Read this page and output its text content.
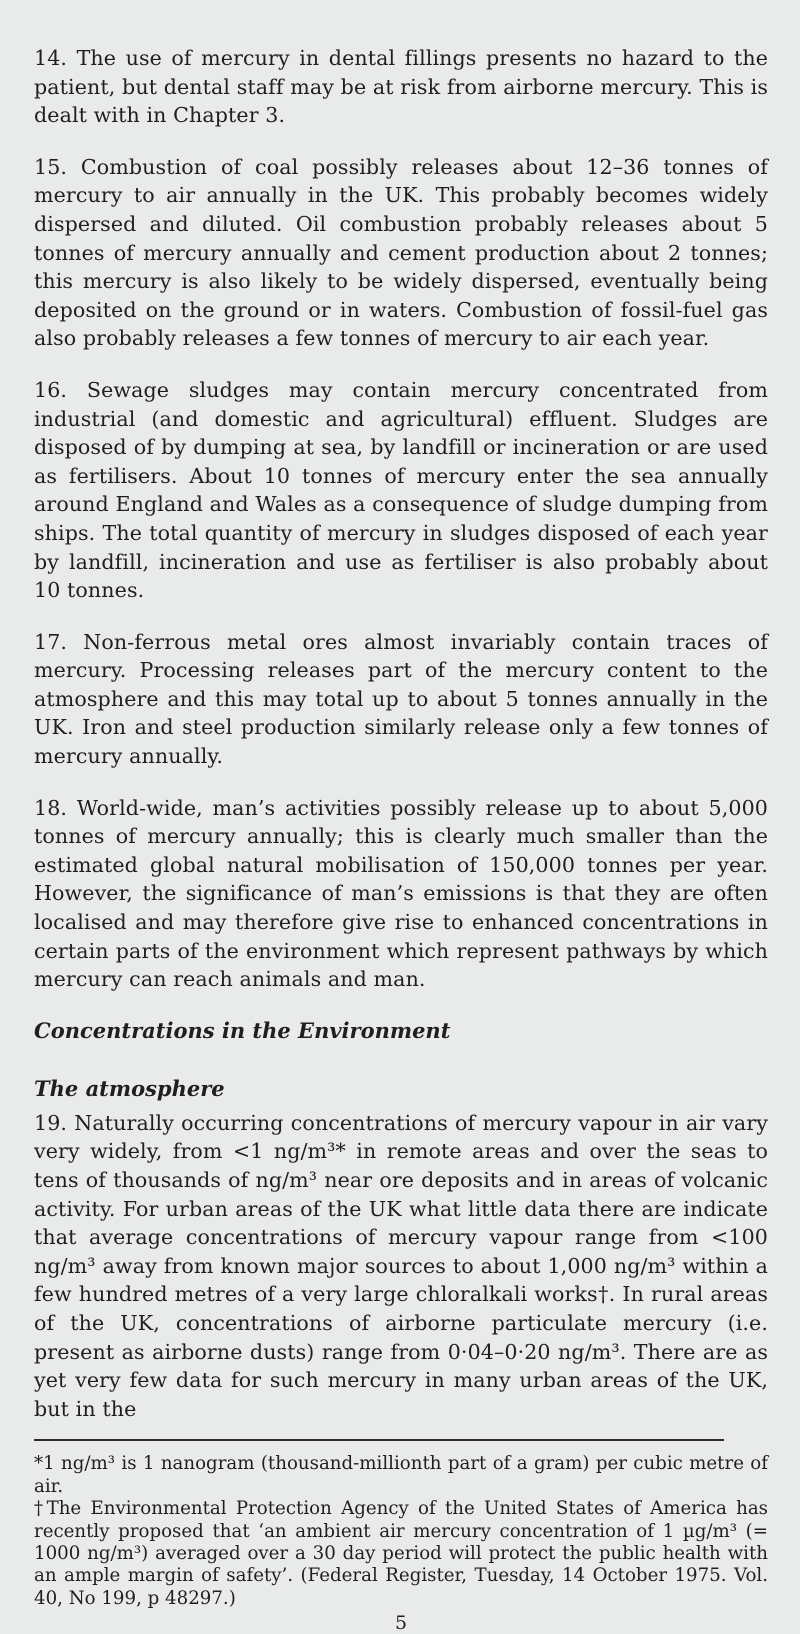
14. The use of mercury in dental fillings presents no hazard to the patient, but dental staff may be at risk from airborne mercury. This is dealt with in Chapter 3.

15. Combustion of coal possibly releases about 12–36 tonnes of mercury to air annually in the UK. This probably becomes widely dispersed and diluted. Oil combustion probably releases about 5 tonnes of mercury annually and cement production about 2 tonnes; this mercury is also likely to be widely dispersed, eventually being deposited on the ground or in waters. Combustion of fossil-fuel gas also probably releases a few tonnes of mercury to air each year.

16. Sewage sludges may contain mercury concentrated from industrial (and domestic and agricultural) effluent. Sludges are disposed of by dumping at sea, by landfill or incineration or are used as fertilisers. About 10 tonnes of mercury enter the sea annually around England and Wales as a consequence of sludge dumping from ships. The total quantity of mercury in sludges disposed of each year by landfill, incineration and use as fertiliser is also probably about 10 tonnes.

17. Non-ferrous metal ores almost invariably contain traces of mercury. Processing releases part of the mercury content to the atmosphere and this may total up to about 5 tonnes annually in the UK. Iron and steel production similarly release only a few tonnes of mercury annually.

18. World-wide, man’s activities possibly release up to about 5,000 tonnes of mercury annually; this is clearly much smaller than the estimated global natural mobilisation of 150,000 tonnes per year. However, the significance of man’s emissions is that they are often localised and may therefore give rise to enhanced concentrations in certain parts of the environment which represent pathways by which mercury can reach animals and man.

Concentrations in the Environment
The atmosphere

19. Naturally occurring concentrations of mercury vapour in air vary very widely, from <1 ng/m³* in remote areas and over the seas to tens of thousands of ng/m³ near ore deposits and in areas of volcanic activity. For urban areas of the UK what little data there are indicate that average concentrations of mercury vapour range from <100 ng/m³ away from known major sources to about 1,000 ng/m³ within a few hundred metres of a very large chloralkali works†. In rural areas of the UK, concentrations of airborne particulate mercury (i.e. present as airborne dusts) range from 0·04–0·20 ng/m³. There are as yet very few data for such mercury in many urban areas of the UK, but in the

*1 ng/m³ is 1 nanogram (thousand-millionth part of a gram) per cubic metre of air.

†The Environmental Protection Agency of the United States of America has recently proposed that ‘an ambient air mercury concentration of 1 µg/m³ (= 1000 ng/m³) averaged over a 30 day period will protect the public health with an ample margin of safety’. (Federal Register, Tuesday, 14 October 1975. Vol. 40, No 199, p 48297.)

5
